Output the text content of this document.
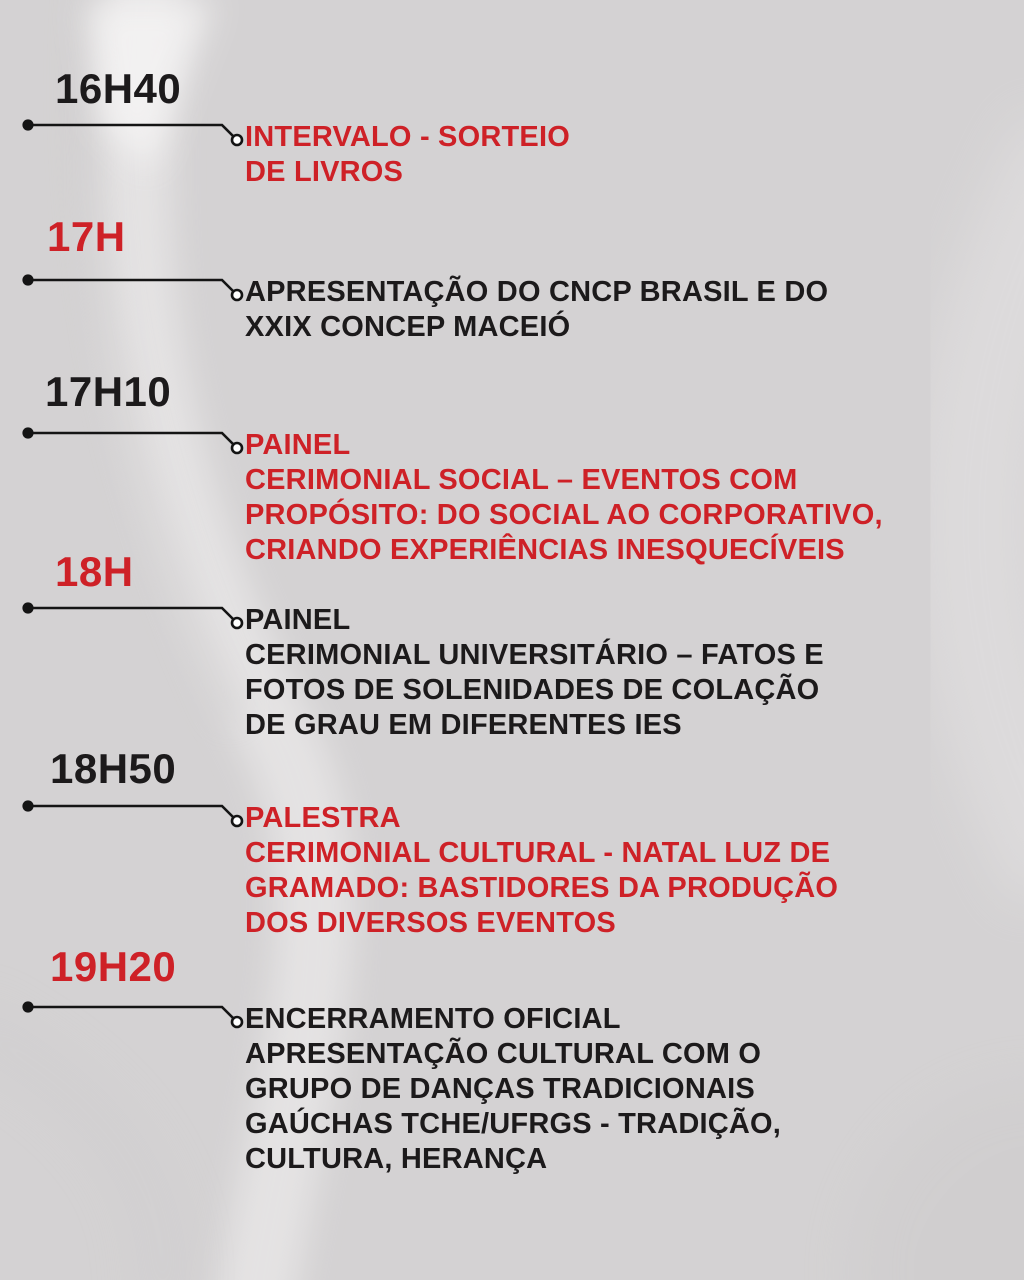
16H40
INTERVALO - SORTEIO
DE LIVROS
17H
APRESENTAÇÃO DO CNCP BRASIL E DO
XXIX CONCEP MACEIÓ
17H10
PAINEL
CERIMONIAL SOCIAL – EVENTOS COM
PROPÓSITO: DO SOCIAL AO CORPORATIVO,
CRIANDO EXPERIÊNCIAS INESQUECÍVEIS
18H
PAINEL
CERIMONIAL UNIVERSITÁRIO – FATOS E
FOTOS DE SOLENIDADES DE COLAÇÃO
DE GRAU EM DIFERENTES IES
18H50
PALESTRA
CERIMONIAL CULTURAL - NATAL LUZ DE
GRAMADO: BASTIDORES DA PRODUÇÃO
DOS DIVERSOS EVENTOS
19H20
ENCERRAMENTO OFICIAL
APRESENTAÇÃO CULTURAL COM O
GRUPO DE DANÇAS TRADICIONAIS
GAÚCHAS TCHE/UFRGS - TRADIÇÃO,
CULTURA, HERANÇA
